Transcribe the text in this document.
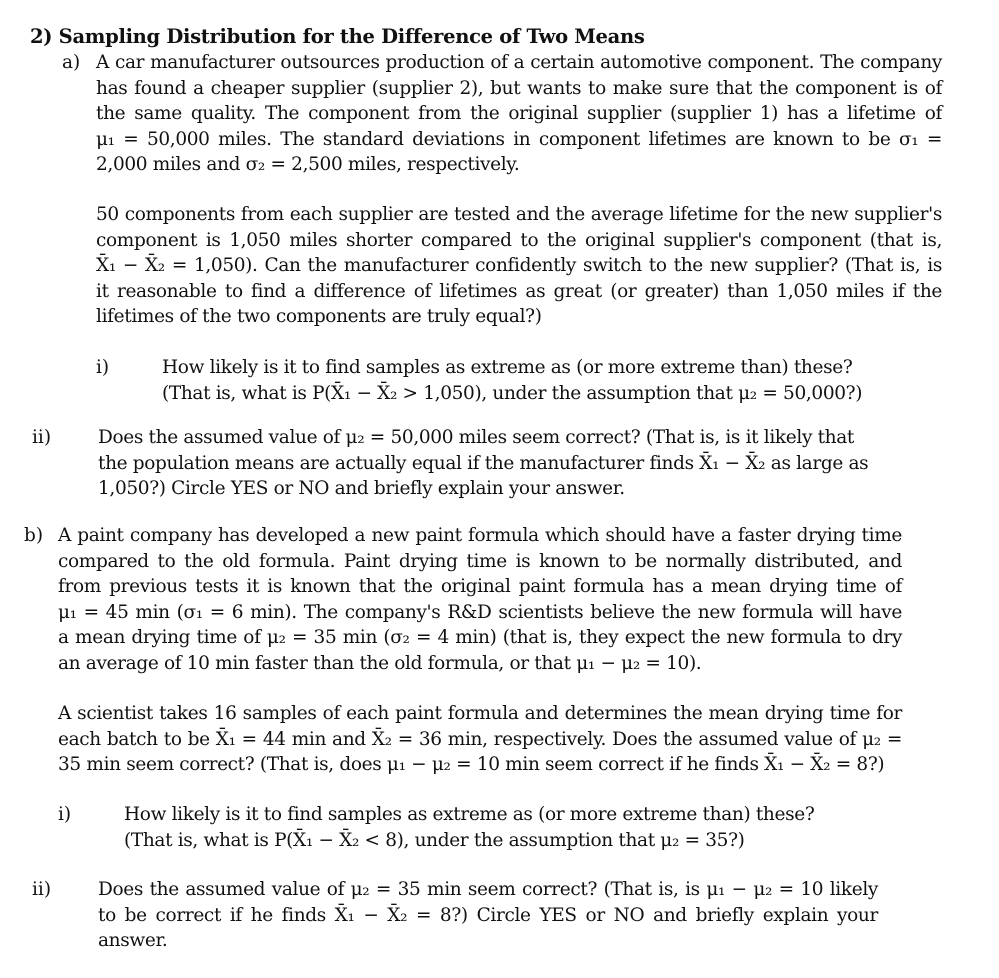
2) Sampling Distribution for the Difference of Two Means
a) A car manufacturer outsources production of a certain automotive component. The company
has found a cheaper supplier (supplier 2), but wants to make sure that the component is of
the same quality. The component from the original supplier (supplier 1) has a lifetime of
μ₁ = 50,000 miles. The standard deviations in component lifetimes are known to be σ₁ =
2,000 miles and σ₂ = 2,500 miles, respectively.
50 components from each supplier are tested and the average lifetime for the new supplier's
component is 1,050 miles shorter compared to the original supplier's component (that is,
X̄₁ − X̄₂ = 1,050). Can the manufacturer confidently switch to the new supplier? (That is, is
it reasonable to find a difference of lifetimes as great (or greater) than 1,050 miles if the
lifetimes of the two components are truly equal?)
i)	How likely is it to find samples as extreme as (or more extreme than) these?
(That is, what is P(X̄₁ − X̄₂ > 1,050), under the assumption that μ₂ = 50,000?)
ii)	Does the assumed value of μ₂ = 50,000 miles seem correct? (That is, is it likely that
the population means are actually equal if the manufacturer finds X̄₁ − X̄₂ as large as
1,050?) Circle YES or NO and briefly explain your answer.
b) A paint company has developed a new paint formula which should have a faster drying time
compared to the old formula. Paint drying time is known to be normally distributed, and
from previous tests it is known that the original paint formula has a mean drying time of
μ₁ = 45 min (σ₁ = 6 min). The company's R&D scientists believe the new formula will have
a mean drying time of μ₂ = 35 min (σ₂ = 4 min) (that is, they expect the new formula to dry
an average of 10 min faster than the old formula, or that μ₁ − μ₂ = 10).
A scientist takes 16 samples of each paint formula and determines the mean drying time for
each batch to be X̄₁ = 44 min and X̄₂ = 36 min, respectively. Does the assumed value of μ₂ =
35 min seem correct? (That is, does μ₁ − μ₂ = 10 min seem correct if he finds X̄₁ − X̄₂ = 8?)
i)	How likely is it to find samples as extreme as (or more extreme than) these?
(That is, what is P(X̄₁ − X̄₂ < 8), under the assumption that μ₂ = 35?)
ii)	Does the assumed value of μ₂ = 35 min seem correct? (That is, is μ₁ − μ₂ = 10 likely
to be correct if he finds X̄₁ − X̄₂ = 8?) Circle YES or NO and briefly explain your
answer.
